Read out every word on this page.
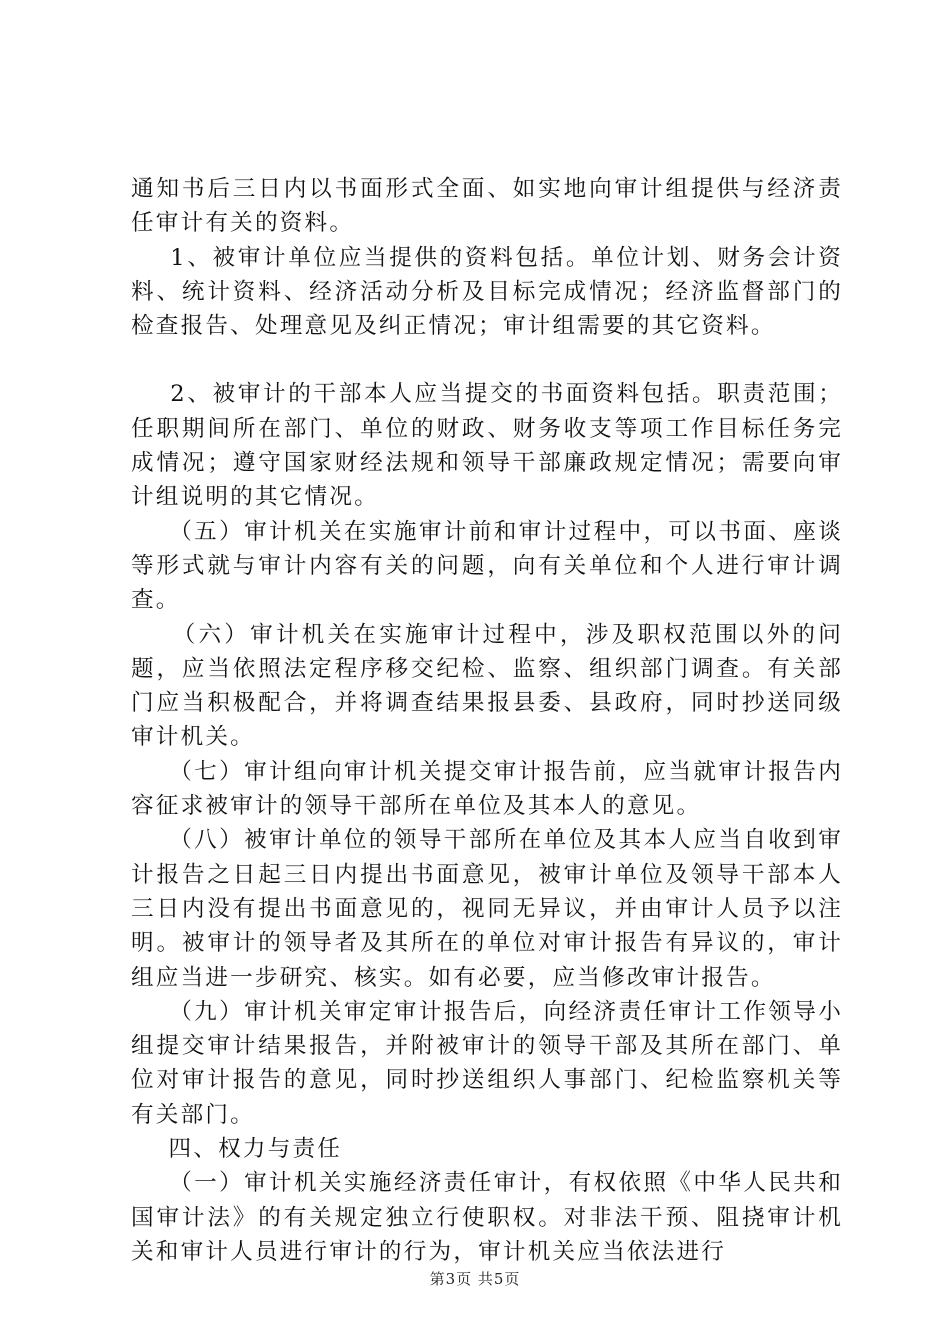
通知书后三日内以书面形式全面、如实地向审计组提供与经济责任审计有关的资料。

1、被审计单位应当提供的资料包括。单位计划、财务会计资料、统计资料、经济活动分析及目标完成情况；经济监督部门的检查报告、处理意见及纠正情况；审计组需要的其它资料。

2、被审计的干部本人应当提交的书面资料包括。职责范围；任职期间所在部门、单位的财政、财务收支等项工作目标任务完成情况；遵守国家财经法规和领导干部廉政规定情况；需要向审计组说明的其它情况。

（五）审计机关在实施审计前和审计过程中，可以书面、座谈等形式就与审计内容有关的问题，向有关单位和个人进行审计调查。

（六）审计机关在实施审计过程中，涉及职权范围以外的问题，应当依照法定程序移交纪检、监察、组织部门调查。有关部门应当积极配合，并将调查结果报县委、县政府，同时抄送同级审计机关。

（七）审计组向审计机关提交审计报告前，应当就审计报告内容征求被审计的领导干部所在单位及其本人的意见。

（八）被审计单位的领导干部所在单位及其本人应当自收到审计报告之日起三日内提出书面意见，被审计单位及领导干部本人三日内没有提出书面意见的，视同无异议，并由审计人员予以注明。被审计的领导者及其所在的单位对审计报告有异议的，审计组应当进一步研究、核实。如有必要，应当修改审计报告。

（九）审计机关审定审计报告后，向经济责任审计工作领导小组提交审计结果报告，并附被审计的领导干部及其所在部门、单位对审计报告的意见，同时抄送组织人事部门、纪检监察机关等有关部门。

四、权力与责任

（一）审计机关实施经济责任审计，有权依照《中华人民共和国审计法》的有关规定独立行使职权。对非法干预、阻挠审计机关和审计人员进行审计的行为，审计机关应当依法进行

第3页 共5页
